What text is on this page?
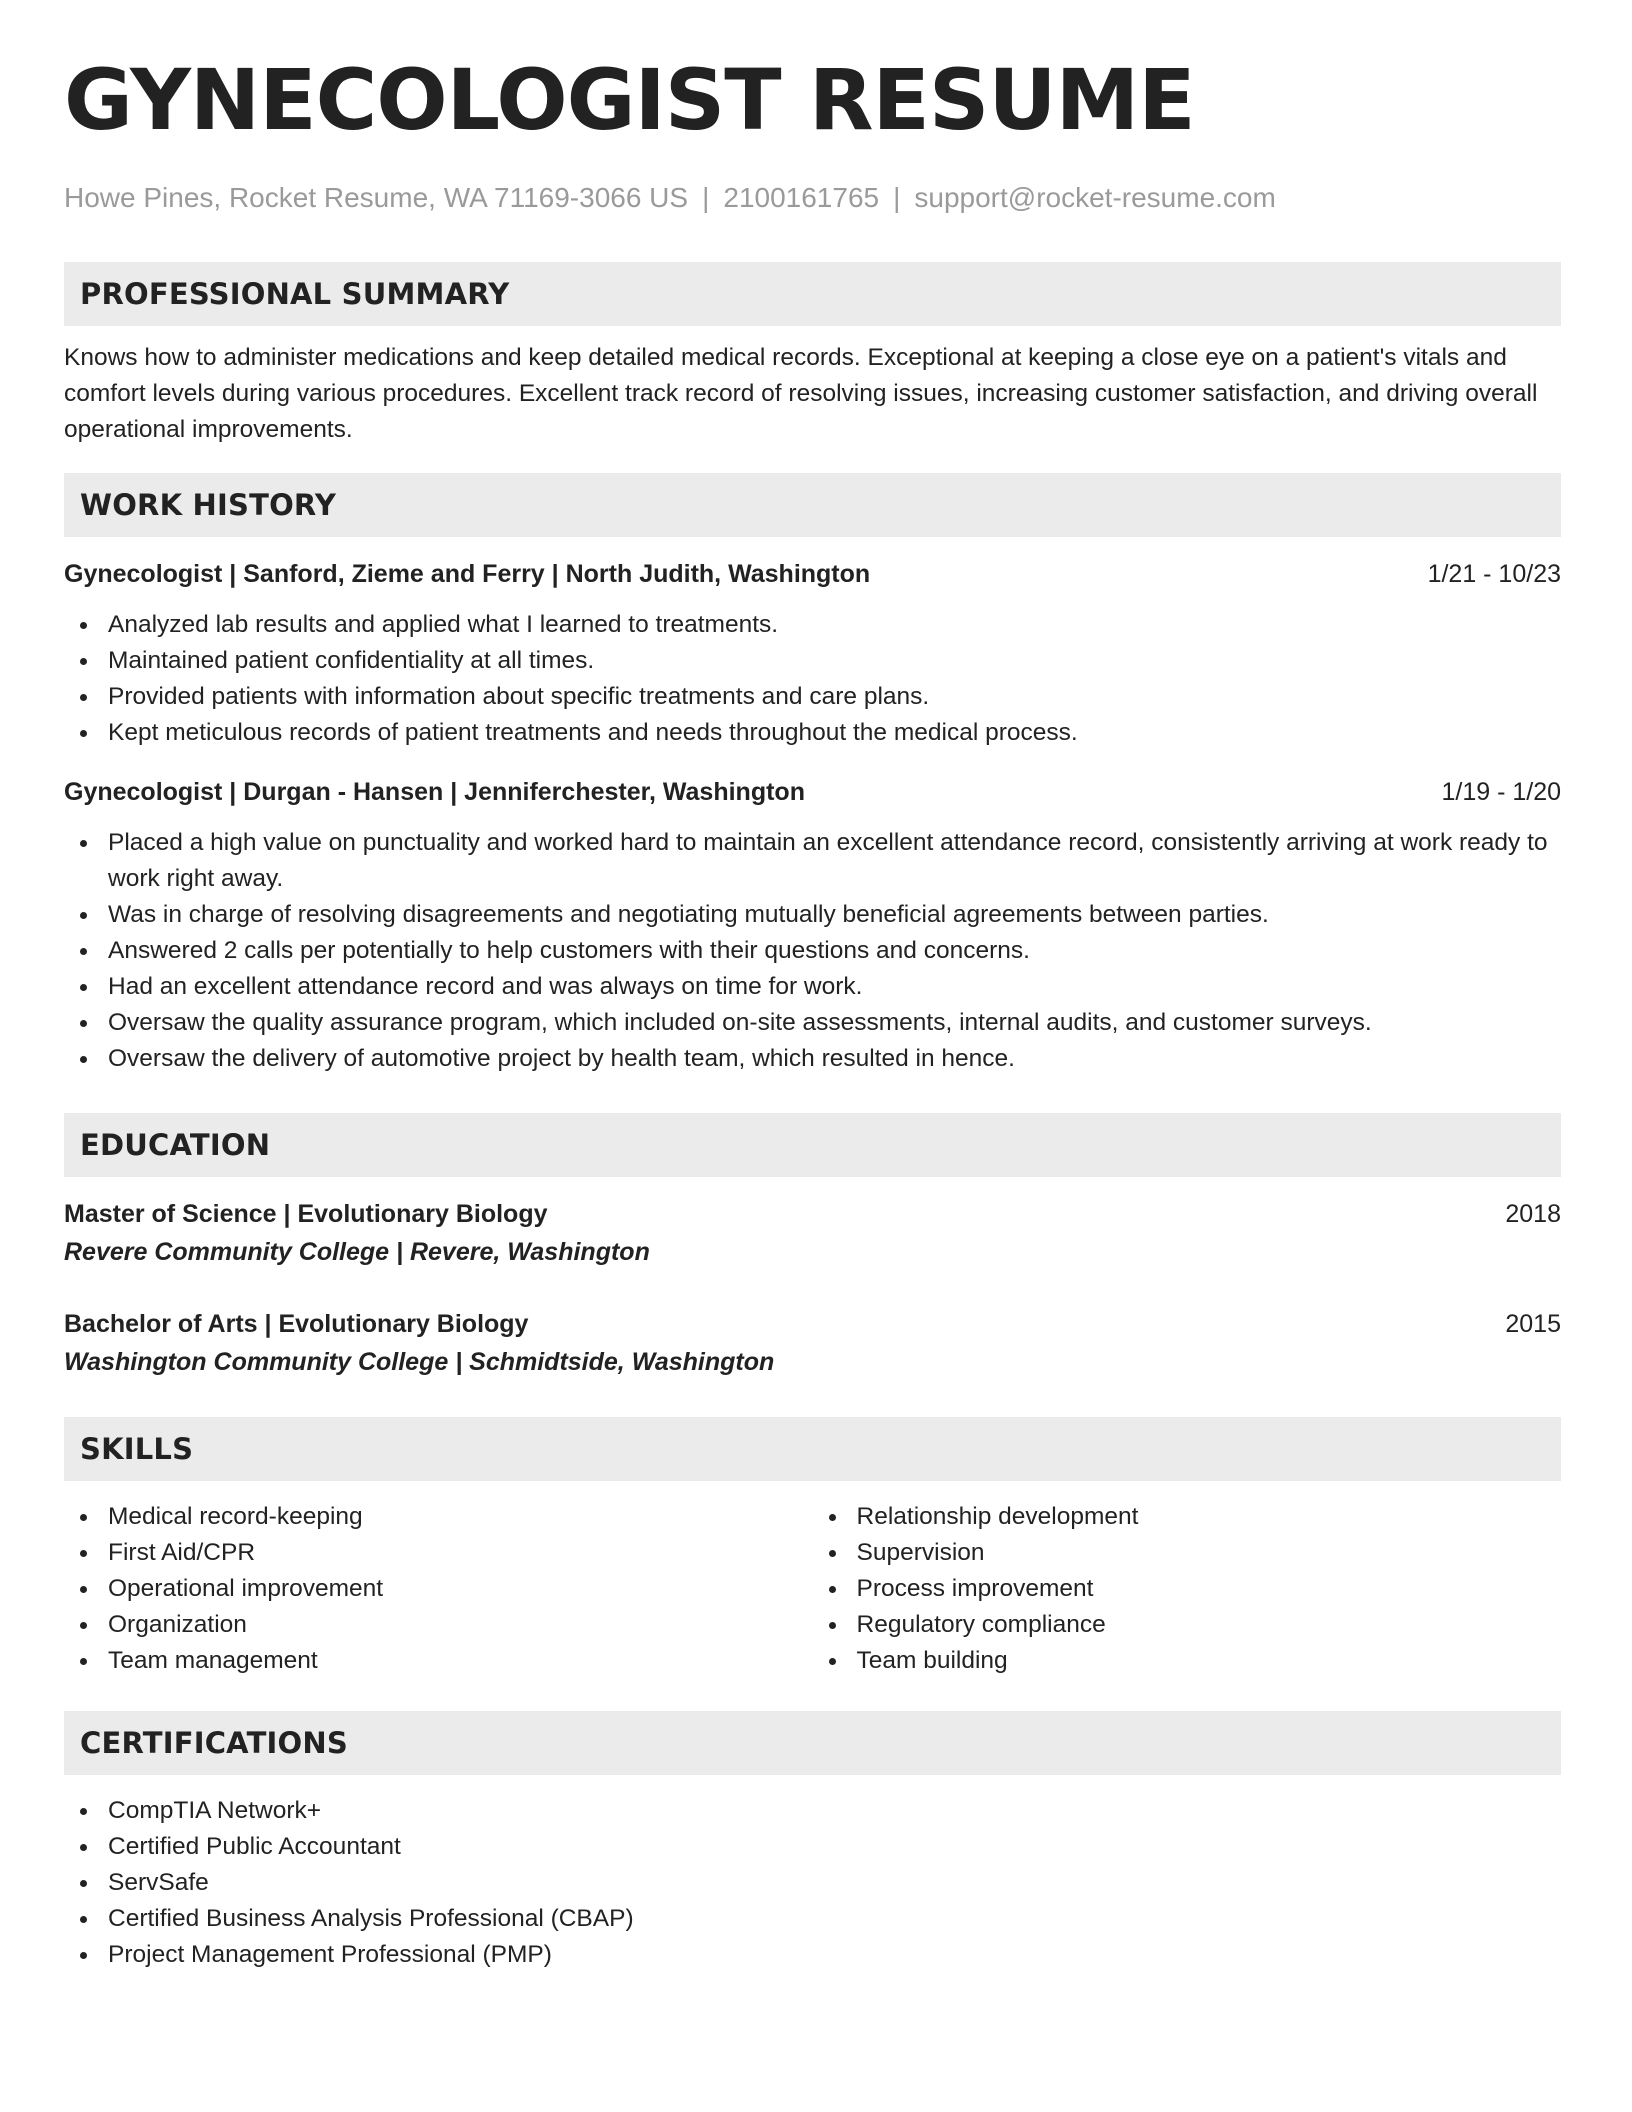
GYNECOLOGIST RESUME
Howe Pines, Rocket Resume, WA 71169-3066 US | 2100161765 | support@rocket-resume.com
PROFESSIONAL SUMMARY

Knows how to administer medications and keep detailed medical records. Exceptional at keeping a close eye on a patient's vitals and comfort levels during various procedures. Excellent track record of resolving issues, increasing customer satisfaction, and driving overall operational improvements.

WORK HISTORY
Gynecologist | Sanford, Zieme and Ferry | North Judith, Washington	1/21 - 10/23
Analyzed lab results and applied what I learned to treatments.
Maintained patient confidentiality at all times.
Provided patients with information about specific treatments and care plans.
Kept meticulous records of patient treatments and needs throughout the medical process.
Gynecologist | Durgan - Hansen | Jenniferchester, Washington	1/19 - 1/20
Placed a high value on punctuality and worked hard to maintain an excellent attendance record, consistently arriving at work ready to work right away.
Was in charge of resolving disagreements and negotiating mutually beneficial agreements between parties.
Answered 2 calls per potentially to help customers with their questions and concerns.
Had an excellent attendance record and was always on time for work.
Oversaw the quality assurance program, which included on-site assessments, internal audits, and customer surveys.
Oversaw the delivery of automotive project by health team, which resulted in hence.
EDUCATION
Master of Science | Evolutionary Biology	2018
Revere Community College | Revere, Washington
Bachelor of Arts | Evolutionary Biology	2015
Washington Community College | Schmidtside, Washington
SKILLS
Medical record-keeping
First Aid/CPR
Operational improvement
Organization
Team management
Relationship development
Supervision
Process improvement
Regulatory compliance
Team building
CERTIFICATIONS
CompTIA Network+
Certified Public Accountant
ServSafe
Certified Business Analysis Professional (CBAP)
Project Management Professional (PMP)
